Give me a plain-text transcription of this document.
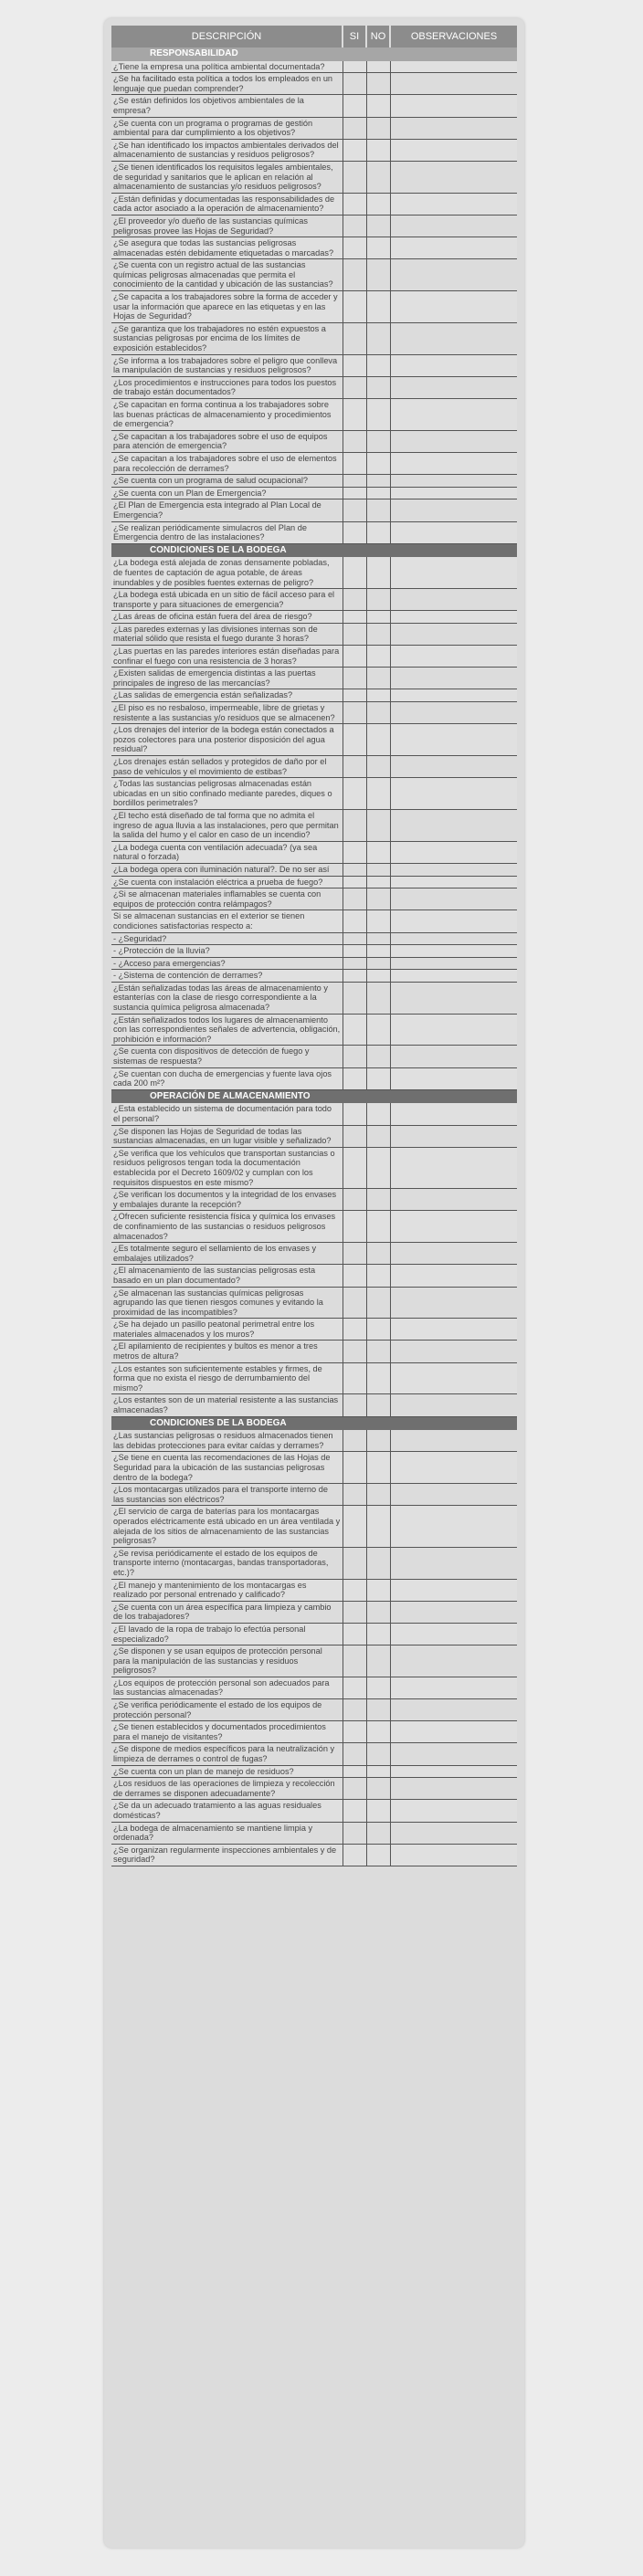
DESCRIPCIÓN	SI	NO	OBSERVACIONES
RESPONSABILIDAD			
¿Tiene la empresa una política ambiental documentada?			
¿Se ha facilitado esta política a todos los empleados en un lenguaje que puedan comprender?			
¿Se están definidos los objetivos ambientales de la empresa?			
¿Se cuenta con un programa o programas de gestión ambiental para dar cumplimiento a los objetivos?			
¿Se han identificado los impactos ambientales derivados del almacenamiento de sustancias y residuos peligrosos?			
¿Se tienen identificados los requisitos legales ambientales, de seguridad y sanitarios que le aplican en relación al almacenamiento de sustancias y/o residuos peligrosos?			
¿Están definidas y documentadas las responsabilidades de cada actor asociado a la operación de almacenamiento?			
¿El proveedor y/o dueño de las sustancias químicas peligrosas provee las Hojas de Seguridad?			
¿Se asegura que todas las sustancias peligrosas almacenadas estén debidamente etiquetadas o marcadas?			
¿Se cuenta con un registro actual de las sustancias químicas peligrosas almacenadas que permita el conocimiento de la cantidad y ubicación de las sustancias?			
¿Se capacita a los trabajadores sobre la forma de acceder y usar la información que aparece en las etiquetas y en las Hojas de Seguridad?			
¿Se garantiza que los trabajadores no estén expuestos a sustancias peligrosas por encima de los límites de exposición establecidos?			
¿Se informa a los trabajadores sobre el peligro que conlleva la manipulación de sustancias y residuos peligrosos?			
¿Los procedimientos e instrucciones para todos los puestos de trabajo están documentados?			
¿Se capacitan en forma continua a los trabajadores sobre las buenas prácticas de almacenamiento y procedimientos de emergencia?			
¿Se capacitan a los trabajadores sobre el uso de equipos para atención de emergencia?			
¿Se capacitan a los trabajadores sobre el uso de elementos para recolección de derrames?			
¿Se cuenta con un programa de salud ocupacional?			
¿Se cuenta con un Plan de Emergencia?			
¿El Plan de Emergencia esta integrado al Plan Local de Emergencia?			
¿Se realizan periódicamente simulacros del Plan de Emergencia dentro de las instalaciones?			
CONDICIONES DE LA BODEGA			
¿La bodega está alejada de zonas densamente pobladas, de fuentes de captación de agua potable, de áreas inundables y de posibles fuentes externas de peligro?			
¿La bodega está ubicada en un sitio de fácil acceso para el transporte y para situaciones de emergencia?			
¿Las áreas de oficina están fuera del área de riesgo?			
¿Las paredes externas y las divisiones internas son de material sólido que resista el fuego durante 3 horas?			
¿Las puertas en las paredes interiores están diseñadas para confinar el fuego con una resistencia de 3 horas?			
¿Existen salidas de emergencia distintas a las puertas principales de ingreso de las mercancías?			
¿Las salidas de emergencia están señalizadas?			
¿El piso es no resbaloso, impermeable, libre de grietas y resistente a las sustancias y/o residuos que se almacenen?			
¿Los drenajes del interior de la bodega están conectados a pozos colectores para una posterior disposición del agua residual?			
¿Los drenajes están sellados y protegidos de daño por el paso de vehículos y el movimiento de estibas?			
¿Todas las sustancias peligrosas almacenadas están ubicadas en un sitio confinado mediante paredes, diques o bordillos perimetrales?			
¿El techo está diseñado de tal forma que no admita el ingreso de agua lluvia a las instalaciones, pero que permitan la salida del humo y el calor en caso de un incendio?			
¿La bodega cuenta con ventilación adecuada? (ya sea natural o forzada)			
¿La bodega opera con iluminación natural?. De no ser así			
¿Se cuenta con instalación eléctrica a prueba de fuego?			
¿Si se almacenan materiales inflamables se cuenta con equipos de protección contra relámpagos?			
Si se almacenan sustancias en el exterior se tienen condiciones satisfactorias respecto a:			
- ¿Seguridad?			
- ¿Protección de la lluvia?			
- ¿Acceso para emergencias?			
- ¿Sistema de contención de derrames?			
¿Están señalizadas todas las áreas de almacenamiento y estanterías con la clase de riesgo correspondiente a la sustancia química peligrosa almacenada?			
¿Están señalizados todos los lugares de almacenamiento con las correspondientes señales de advertencia, obligación, prohibición e información?			
¿Se cuenta con dispositivos de detección de fuego y sistemas de respuesta?			
¿Se cuentan con ducha de emergencias y fuente lava ojos cada 200 m²?			
OPERACIÓN DE ALMACENAMIENTO			
¿Esta establecido un sistema de documentación para todo el personal?			
¿Se disponen las Hojas de Seguridad de todas las sustancias almacenadas, en un lugar visible y señalizado?			
¿Se verifica que los vehículos que transportan sustancias o residuos peligrosos tengan toda la documentación establecida por el Decreto 1609/02 y cumplan con los requisitos dispuestos en este mismo?			
¿Se verifican los documentos y la integridad de los envases y embalajes durante la recepción?			
¿Ofrecen suficiente resistencia física y química los envases de confinamiento de las sustancias o residuos peligrosos almacenados?			
¿Es totalmente seguro el sellamiento de los envases y embalajes utilizados?			
¿El almacenamiento de las sustancias peligrosas esta basado en un plan documentado?			
¿Se almacenan las sustancias químicas peligrosas agrupando las que tienen riesgos comunes y evitando la proximidad de las incompatibles?			
¿Se ha dejado un pasillo peatonal perimetral entre los materiales almacenados y los muros?			
¿El apilamiento de recipientes y bultos es menor a tres metros de altura?			
¿Los estantes son suficientemente estables y firmes, de forma que no exista el riesgo de derrumbamiento del mismo?			
¿Los estantes son de un material resistente a las sustancias almacenadas?			
CONDICIONES DE LA BODEGA			
¿Las sustancias peligrosas o residuos almacenados tienen las debidas protecciones para evitar caídas y derrames?			
¿Se tiene en cuenta las recomendaciones de las Hojas de Seguridad para la ubicación de las sustancias peligrosas dentro de la bodega?			
¿Los montacargas utilizados para el transporte interno de las sustancias son eléctricos?			
¿El servicio de carga de baterías para los montacargas operados eléctricamente está ubicado en un área ventilada y alejada de los sitios de almacenamiento de las sustancias peligrosas?			
¿Se revisa periódicamente el estado de los equipos de transporte interno (montacargas, bandas transportadoras, etc.)?			
¿El manejo y mantenimiento de los montacargas es realizado por personal entrenado y calificado?			
¿Se cuenta con un área específica para limpieza y cambio de los trabajadores?			
¿El lavado de la ropa de trabajo lo efectúa personal especializado?			
¿Se disponen y se usan equipos de protección personal para la manipulación de las sustancias y residuos peligrosos?			
¿Los equipos de protección personal son adecuados para las sustancias almacenadas?			
¿Se verifica periódicamente el estado de los equipos de protección personal?			
¿Se tienen establecidos y documentados procedimientos para el manejo de visitantes?			
¿Se dispone de medios específicos para la neutralización y limpieza de derrames o control de fugas?			
¿Se cuenta con un plan de manejo de residuos?			
¿Los residuos de las operaciones de limpieza y recolección de derrames se disponen adecuadamente?			
¿Se da un adecuado tratamiento a las aguas residuales domésticas?			
¿La bodega de almacenamiento se mantiene limpia y ordenada?			
¿Se organizan regularmente inspecciones ambientales y de seguridad?			
